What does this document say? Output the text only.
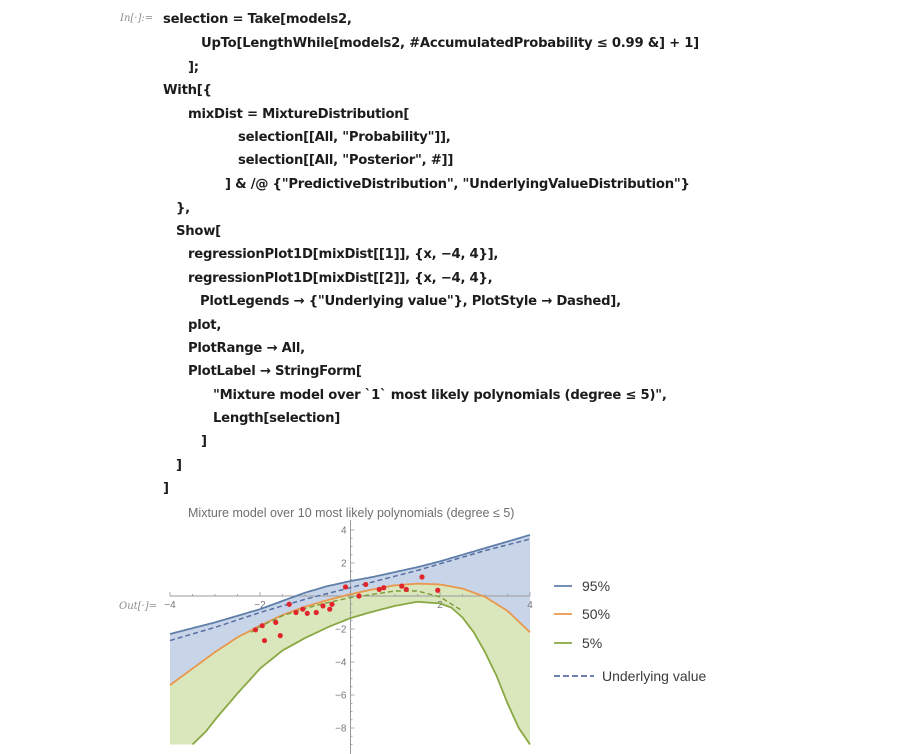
In[·]:= selection = Take[models2,
UpTo[LengthWhile[models2, #AccumulatedProbability ≤ 0.99 &] + 1]
];
With[{
mixDist = MixtureDistribution[
selection[[All, "Probability"]],
selection[[All, "Posterior", #]]
] & /@ {"PredictiveDistribution", "UnderlyingValueDistribution"}
},
Show[
regressionPlot1D[mixDist[[1]], {x, −4, 4}],
regressionPlot1D[mixDist[[2]], {x, −4, 4},
PlotLegends → {"Underlying value"}, PlotStyle → Dashed],
plot,
PlotRange → All,
PlotLabel → StringForm[
"Mixture model over `1` most likely polynomials (degree ≤ 5)",
Length[selection]
]
]
]
Out[·]=
Mixture model over 10 most likely polynomials (degree ≤ 5)
−4	−2	2	4
4
2
−2
−4
−6
−8
95%
50%
5%
Underlying value
